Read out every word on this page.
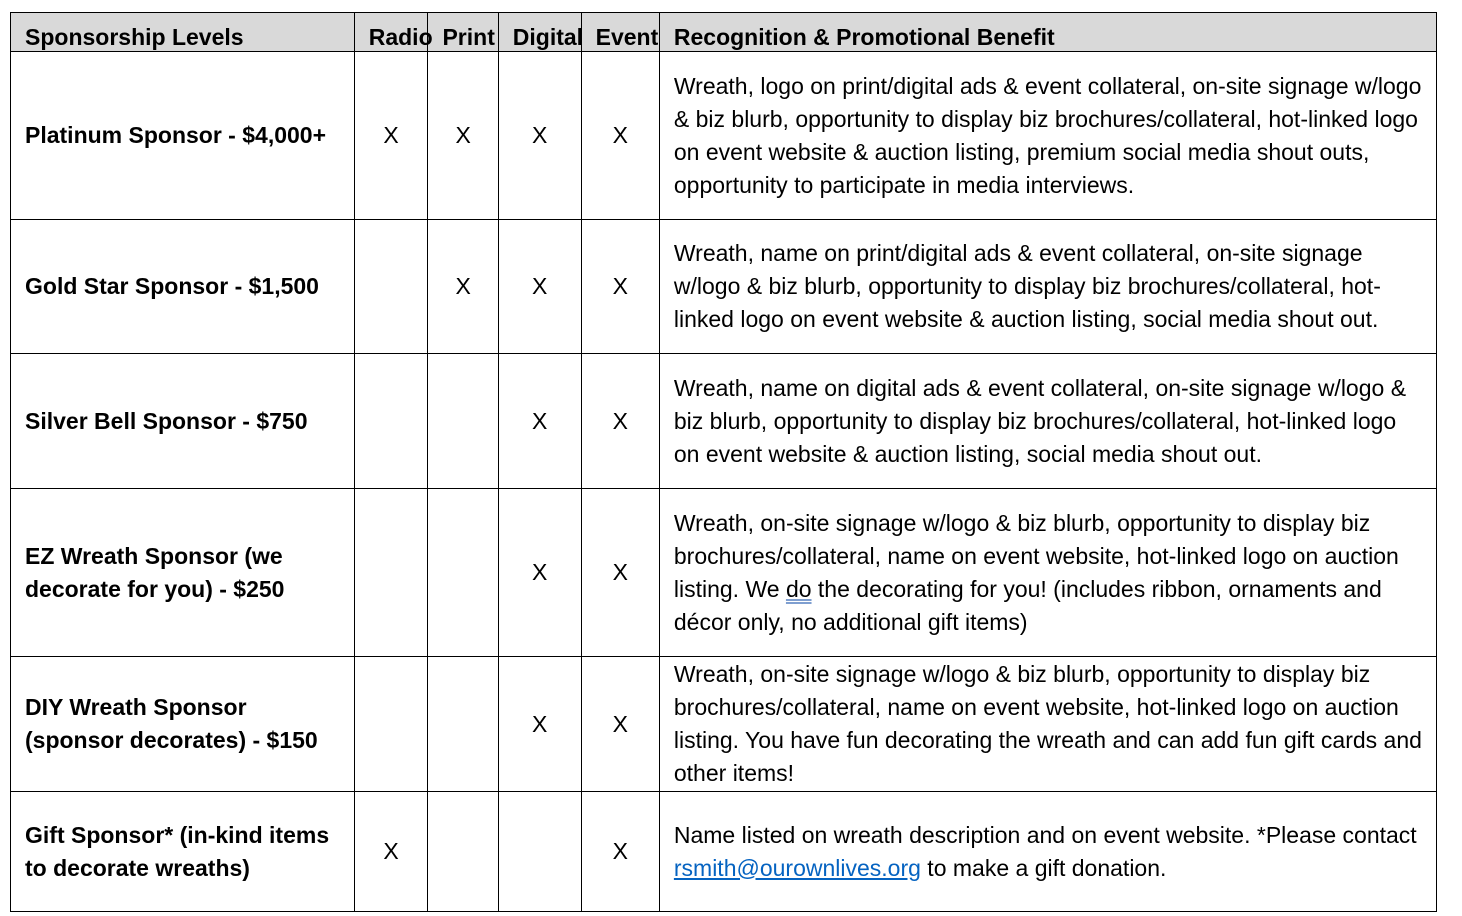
Sponsorship Levels	Radio	Print	Digital	Event	Recognition & Promotional Benefit
Platinum Sponsor - $4,000+	X	X	X	X	Wreath, logo on print/digital ads & event collateral, on-site signage w/logo & biz blurb, opportunity to display biz brochures/collateral, hot-linked logo on event website & auction listing, premium social media shout outs, opportunity to participate in media interviews.
Gold Star Sponsor - $1,500		X	X	X	Wreath, name on print/digital ads & event collateral, on-site signage w/logo & biz blurb, opportunity to display biz brochures/collateral, hot-linked logo on event website & auction listing, social media shout out.
Silver Bell Sponsor - $750			X	X	Wreath, name on digital ads & event collateral, on-site signage w/logo & biz blurb, opportunity to display biz brochures/collateral, hot-linked logo on event website & auction listing, social media shout out.
EZ Wreath Sponsor (we decorate for you) - $250			X	X	Wreath, on-site signage w/logo & biz blurb, opportunity to display biz brochures/collateral, name on event website, hot-linked logo on auction listing. We do the decorating for you! (includes ribbon, ornaments and décor only, no additional gift items)
DIY Wreath Sponsor (sponsor decorates) - $150			X	X	Wreath, on-site signage w/logo & biz blurb, opportunity to display biz brochures/collateral, name on event website, hot-linked logo on auction listing. You have fun decorating the wreath and can add fun gift cards and other items!
Gift Sponsor* (in-kind items to decorate wreaths)	X			X	Name listed on wreath description and on event website. *Please contact rsmith@ourownlives.org to make a gift donation.
